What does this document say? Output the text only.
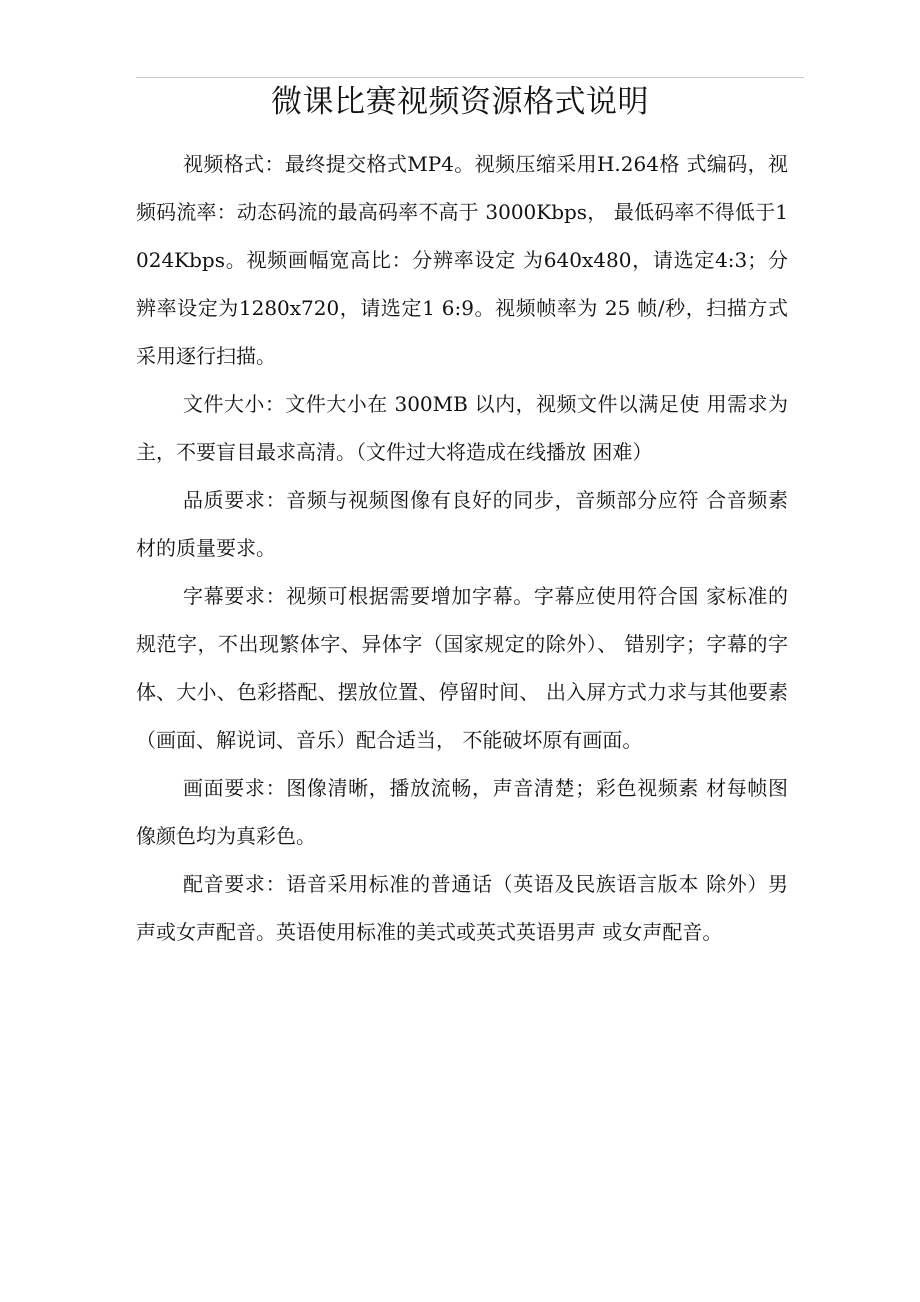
微课比赛视频资源格式说明

视频格式：最终提交格式MP4。视频压缩采用H.264格 式编码，视频码流率：动态码流的最高码率不高于 3000Kbps， 最低码率不得低于1024Kbps。视频画幅宽高比：分辨率设定 为640x480，请选定4:3；分辨率设定为1280x720，请选定1 6:9。视频帧率为 25 帧/秒，扫描方式采用逐行扫描。

文件大小：文件大小在 300MB 以内，视频文件以满足使 用需求为主，不要盲目最求高清。（文件过大将造成在线播放 困难）

品质要求：音频与视频图像有良好的同步，音频部分应符 合音频素材的质量要求。

字幕要求：视频可根据需要增加字幕。字幕应使用符合国 家标准的规范字，不出现繁体字、异体字（国家规定的除外）、 错别字；字幕的字体、大小、色彩搭配、摆放位置、停留时间、 出入屏方式力求与其他要素（画面、解说词、音乐）配合适当， 不能破坏原有画面。

画面要求：图像清晰，播放流畅，声音清楚；彩色视频素 材每帧图像颜色均为真彩色。

配音要求：语音采用标准的普通话（英语及民族语言版本 除外）男声或女声配音。英语使用标准的美式或英式英语男声 或女声配音。
